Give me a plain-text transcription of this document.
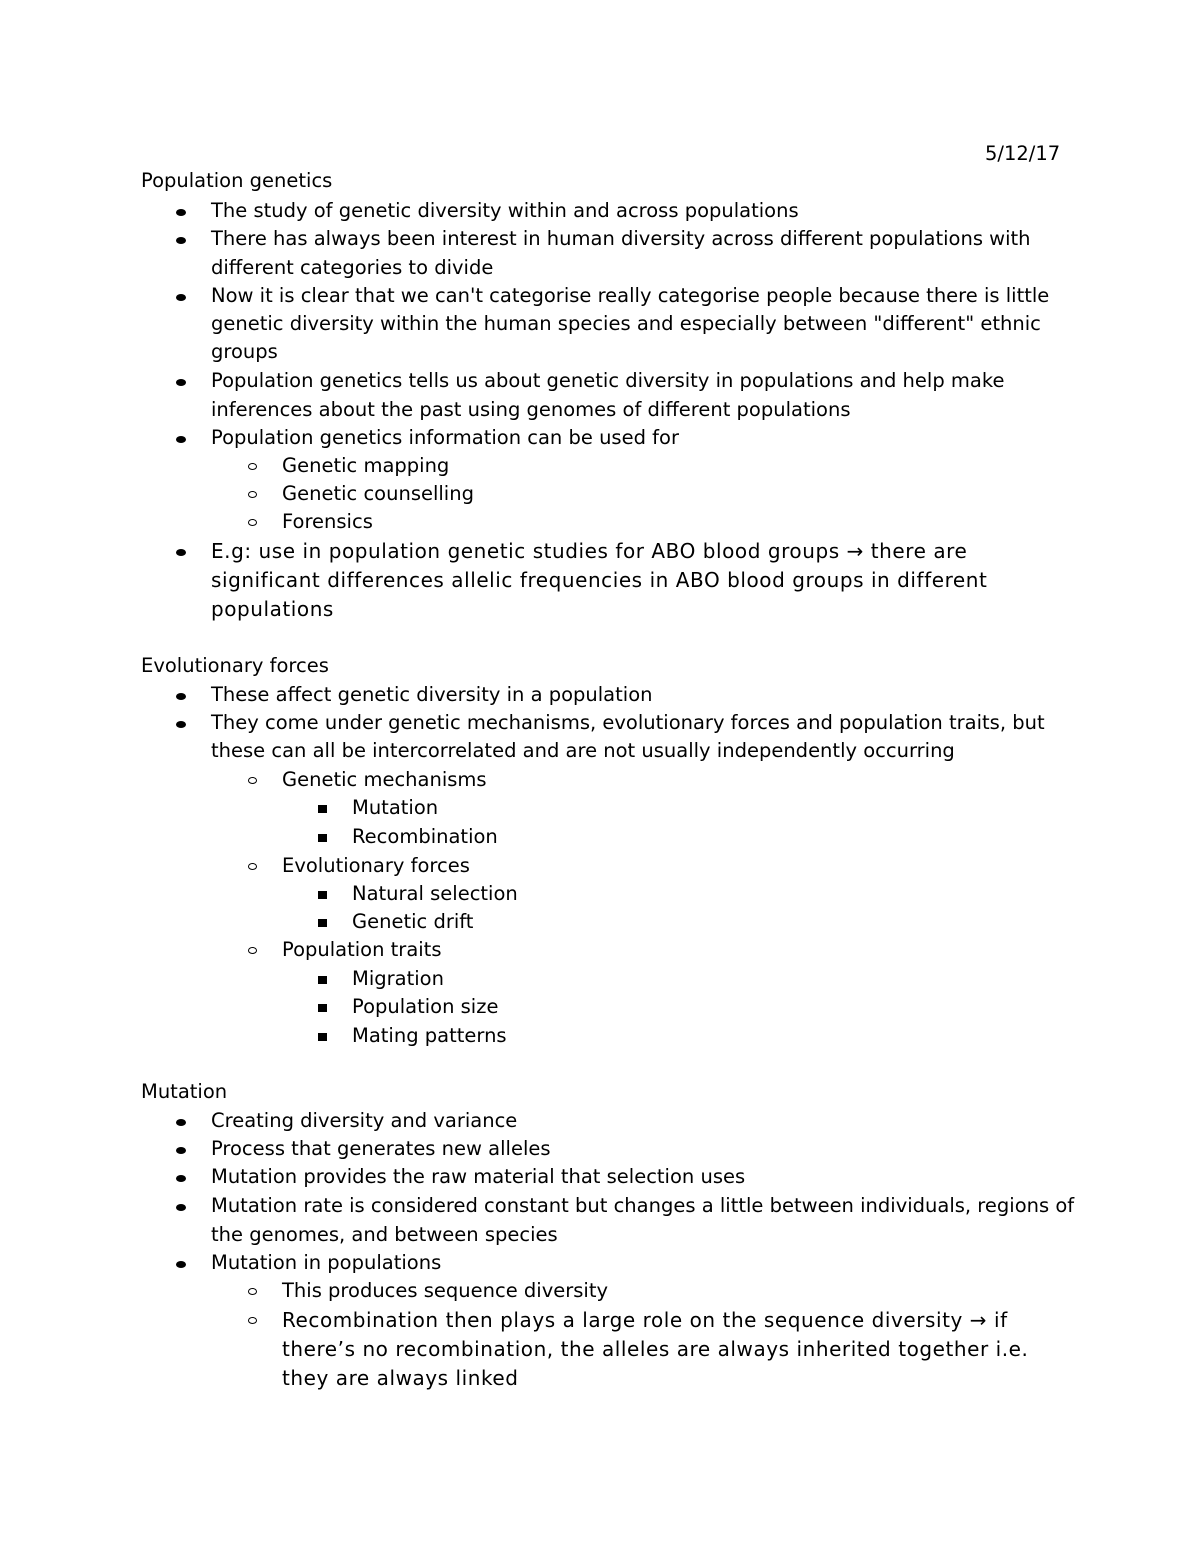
5/12/17
Population genetics
The study of genetic diversity within and across populations
There has always been interest in human diversity across different populations with
different categories to divide
Now it is clear that we can't categorise really categorise people because there is little
genetic diversity within the human species and especially between "different" ethnic
groups
Population genetics tells us about genetic diversity in populations and help make
inferences about the past using genomes of different populations
Population genetics information can be used for
Genetic mapping
Genetic counselling
Forensics
E.g: use in population genetic studies for ABO blood groups → there are
significant differences allelic frequencies in ABO blood groups in different
populations
Evolutionary forces
These affect genetic diversity in a population
They come under genetic mechanisms, evolutionary forces and population traits, but
these can all be intercorrelated and are not usually independently occurring
Genetic mechanisms
Mutation
Recombination
Evolutionary forces
Natural selection
Genetic drift
Population traits
Migration
Population size
Mating patterns
Mutation
Creating diversity and variance
Process that generates new alleles
Mutation provides the raw material that selection uses
Mutation rate is considered constant but changes a little between individuals, regions of
the genomes, and between species
Mutation in populations
This produces sequence diversity
Recombination then plays a large role on the sequence diversity → if
there’s no recombination, the alleles are always inherited together i.e.
they are always linked
